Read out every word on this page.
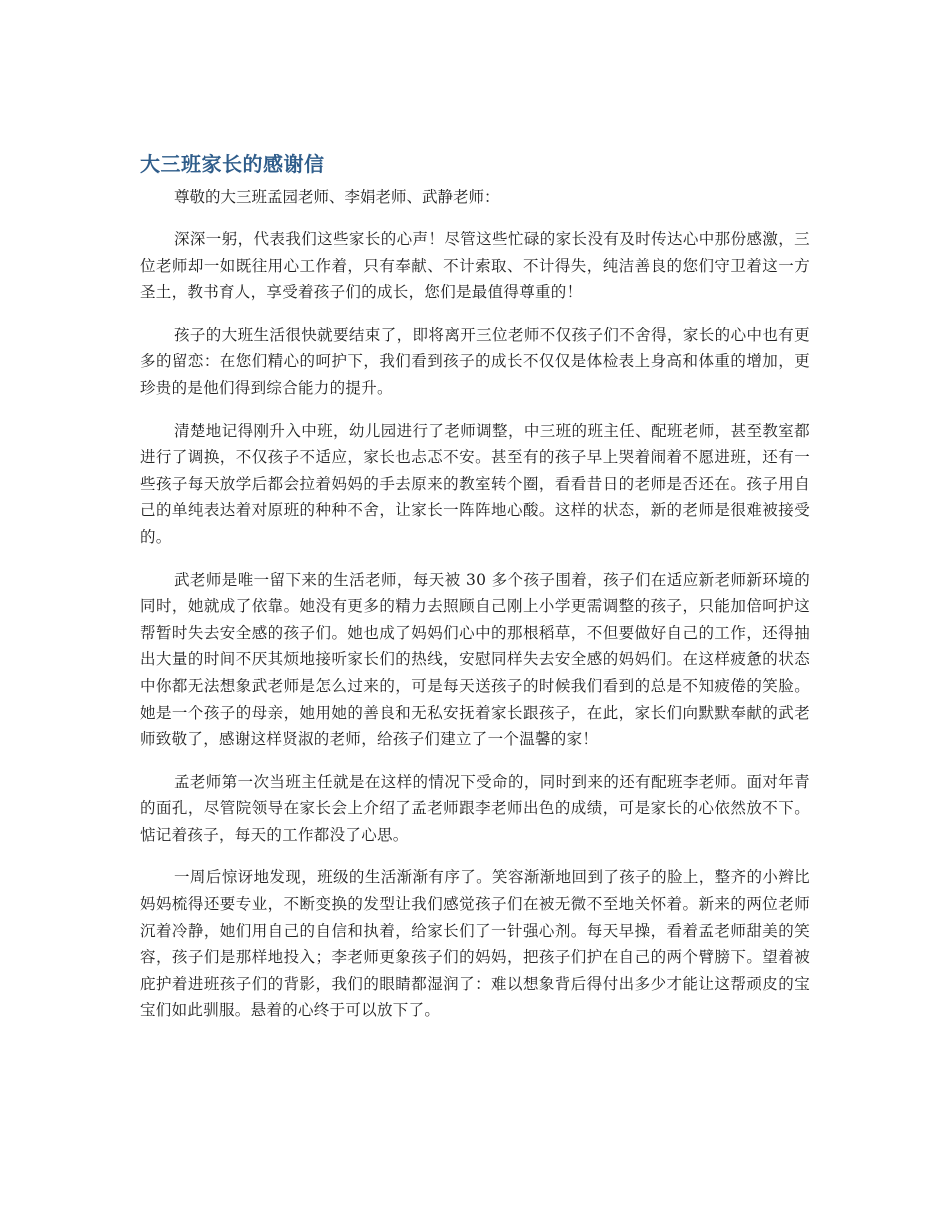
大三班家长的感谢信

尊敬的大三班孟园老师、李娟老师、武静老师：

深深一躬，代表我们这些家长的心声！尽管这些忙碌的家长没有及时传达心中那份感激，三位老师却一如既往用心工作着，只有奉献、不计索取、不计得失，纯洁善良的您们守卫着这一方圣土，教书育人，享受着孩子们的成长，您们是最值得尊重的！

孩子的大班生活很快就要结束了，即将离开三位老师不仅孩子们不舍得，家长的心中也有更多的留恋：在您们精心的呵护下，我们看到孩子的成长不仅仅是体检表上身高和体重的增加，更珍贵的是他们得到综合能力的提升。

清楚地记得刚升入中班，幼儿园进行了老师调整，中三班的班主任、配班老师，甚至教室都进行了调换，不仅孩子不适应，家长也忐忑不安。甚至有的孩子早上哭着闹着不愿进班，还有一些孩子每天放学后都会拉着妈妈的手去原来的教室转个圈，看看昔日的老师是否还在。孩子用自己的单纯表达着对原班的种种不舍，让家长一阵阵地心酸。这样的状态，新的老师是很难被接受的。

武老师是唯一留下来的生活老师，每天被 30 多个孩子围着，孩子们在适应新老师新环境的同时，她就成了依靠。她没有更多的精力去照顾自己刚上小学更需调整的孩子，只能加倍呵护这帮暂时失去安全感的孩子们。她也成了妈妈们心中的那根稻草，不但要做好自己的工作，还得抽出大量的时间不厌其烦地接听家长们的热线，安慰同样失去安全感的妈妈们。在这样疲惫的状态中你都无法想象武老师是怎么过来的，可是每天送孩子的时候我们看到的总是不知疲倦的笑脸。她是一个孩子的母亲，她用她的善良和无私安抚着家长跟孩子，在此，家长们向默默奉献的武老师致敬了，感谢这样贤淑的老师，给孩子们建立了一个温馨的家！

孟老师第一次当班主任就是在这样的情况下受命的，同时到来的还有配班李老师。面对年青的面孔，尽管院领导在家长会上介绍了孟老师跟李老师出色的成绩，可是家长的心依然放不下。惦记着孩子，每天的工作都没了心思。

一周后惊讶地发现，班级的生活渐渐有序了。笑容渐渐地回到了孩子的脸上，整齐的小辫比妈妈梳得还要专业，不断变换的发型让我们感觉孩子们在被无微不至地关怀着。新来的两位老师沉着冷静，她们用自己的自信和执着，给家长们了一针强心剂。每天早操，看着孟老师甜美的笑容，孩子们是那样地投入；李老师更象孩子们的妈妈，把孩子们护在自己的两个臂膀下。望着被庇护着进班孩子们的背影，我们的眼睛都湿润了：难以想象背后得付出多少才能让这帮顽皮的宝宝们如此驯服。悬着的心终于可以放下了。
